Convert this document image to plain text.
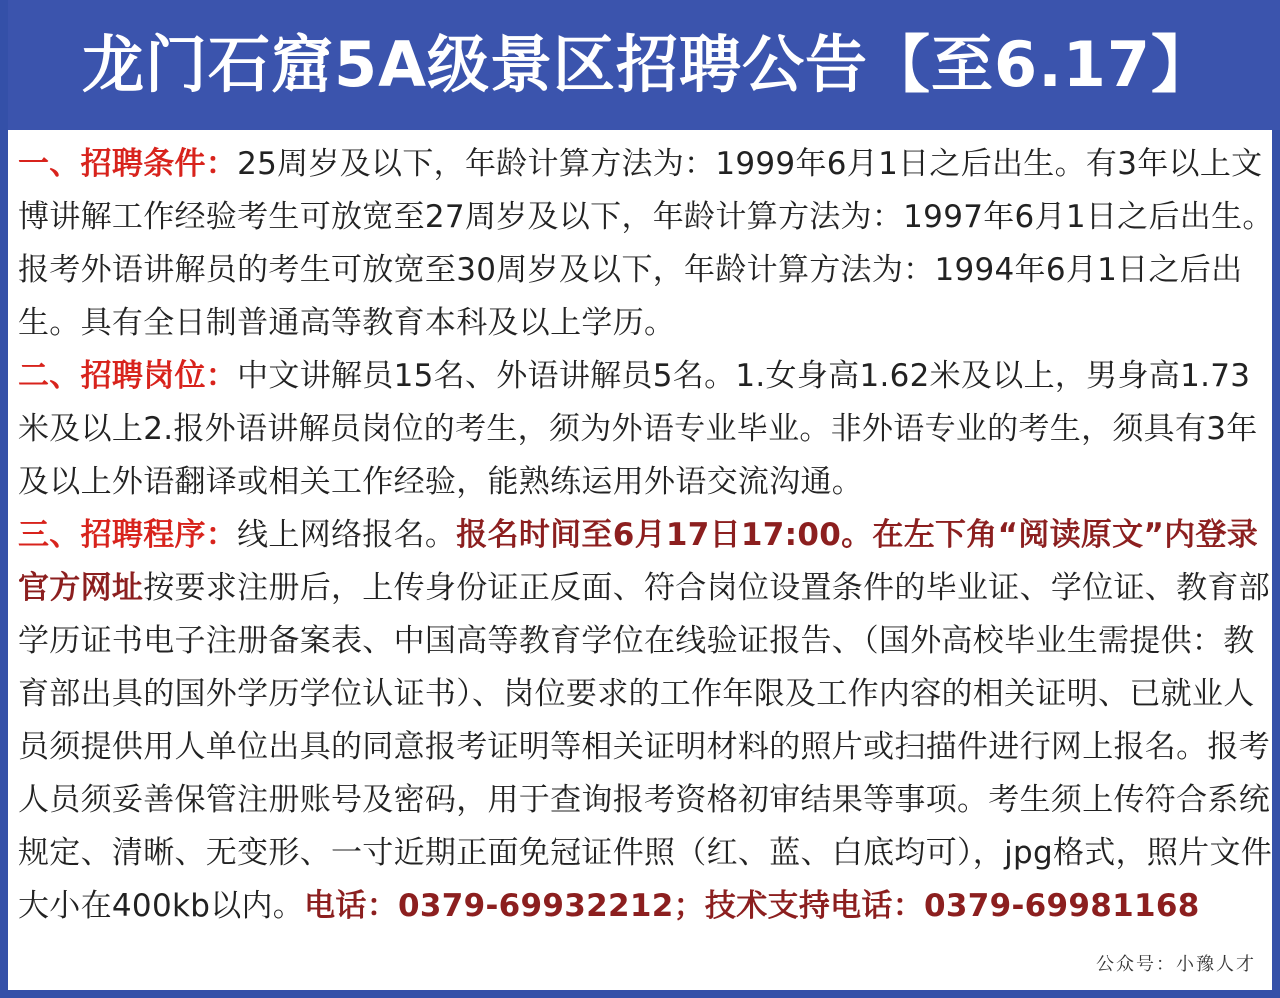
龙门石窟5A级景区招聘公告【至6.17】

一、招聘条件：25周岁及以下，年龄计算方法为：1999年6月1日之后出生。有3年以上文博讲解工作经验考生可放宽至27周岁及以下，年龄计算方法为：1997年6月1日之后出生。报考外语讲解员的考生可放宽至30周岁及以下，年龄计算方法为：1994年6月1日之后出生。具有全日制普通高等教育本科及以上学历。

二、招聘岗位：中文讲解员15名、外语讲解员5名。1.女身高1.62米及以上，男身高1.73米及以上2.报外语讲解员岗位的考生，须为外语专业毕业。非外语专业的考生，须具有3年及以上外语翻译或相关工作经验，能熟练运用外语交流沟通。

三、招聘程序：线上网络报名。报名时间至6月17日17:00。在左下角“阅读原文”内登录官方网址按要求注册后，上传身份证正反面、符合岗位设置条件的毕业证、学位证、教育部学历证书电子注册备案表、中国高等教育学位在线验证报告、（国外高校毕业生需提供：教育部出具的国外学历学位认证书）、岗位要求的工作年限及工作内容的相关证明、已就业人员须提供用人单位出具的同意报考证明等相关证明材料的照片或扫描件进行网上报名。报考人员须妥善保管注册账号及密码，用于查询报考资格初审结果等事项。考生须上传符合系统规定、清晰、无变形、一寸近期正面免冠证件照（红、蓝、白底均可），jpg格式，照片文件大小在400kb以内。电话：0379-69932212；技术支持电话：0379-69981168

公众号：小豫人才
